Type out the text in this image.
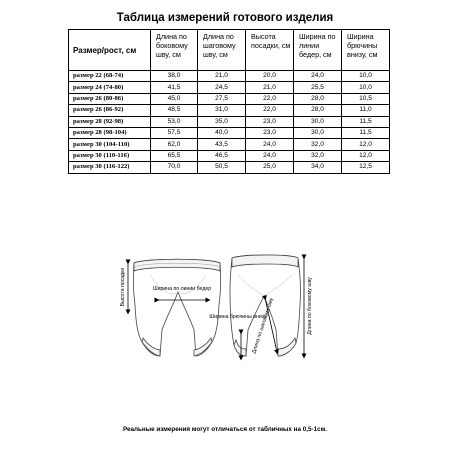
Таблица измерений готового изделия
Размер/рост, см	Длина по боковому шву, см	Длина по шаговому шву, см	Высота посадки, см	Ширина по линии бедер, см	Ширина брючины внизу, см
размер 22 (68-74)	38,0	21,0	20,0	24,0	10,0
размер 24 (74-80)	41,5	24,5	21,0	25,5	10,0
размер 26 (80-86)	45,0	27,5	22,0	28,0	10,5
размер 26 (86-92)	48,5	31,0	22,0	28,0	11,0
размер 28 (92-98)	53,0	35,0	23,0	30,0	11,5
размер 28 (98-104)	57,5	40,0	23,0	30,0	11,5
размер 30 (104-110)	62,0	43,5	24,0	32,0	12,0
размер 30 (110-116)	65,5	46,5	24,0	32,0	12,0
размер 30 (116-122)	70,0	50,5	25,0	34,0	12,5
Ширина по линии бедер
Высота посадки	Длина по боковому шву
Длина по шаговому шву
Ширина брючины внизу
Реальные измерения могут отличаться от табличных на 0,5-1см.
